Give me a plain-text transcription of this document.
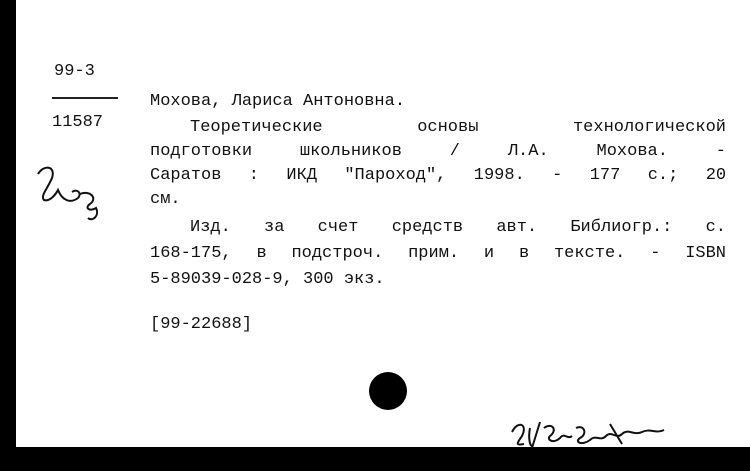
99-3
11587
Мохова, Лариса Антоновна.
Теоретические	основы	технологической
подготовки	школьников	/	Л.А.	Мохова.	-
Саратов : ИКД "Пароход", 1998. - 177 с.; 20
см.
Изд. за счет средств авт. Библиогр.: с.
168-175, в подстроч. прим. и в тексте. - ISBN
5-89039-028-9, 300 экз.
[99-22688]
